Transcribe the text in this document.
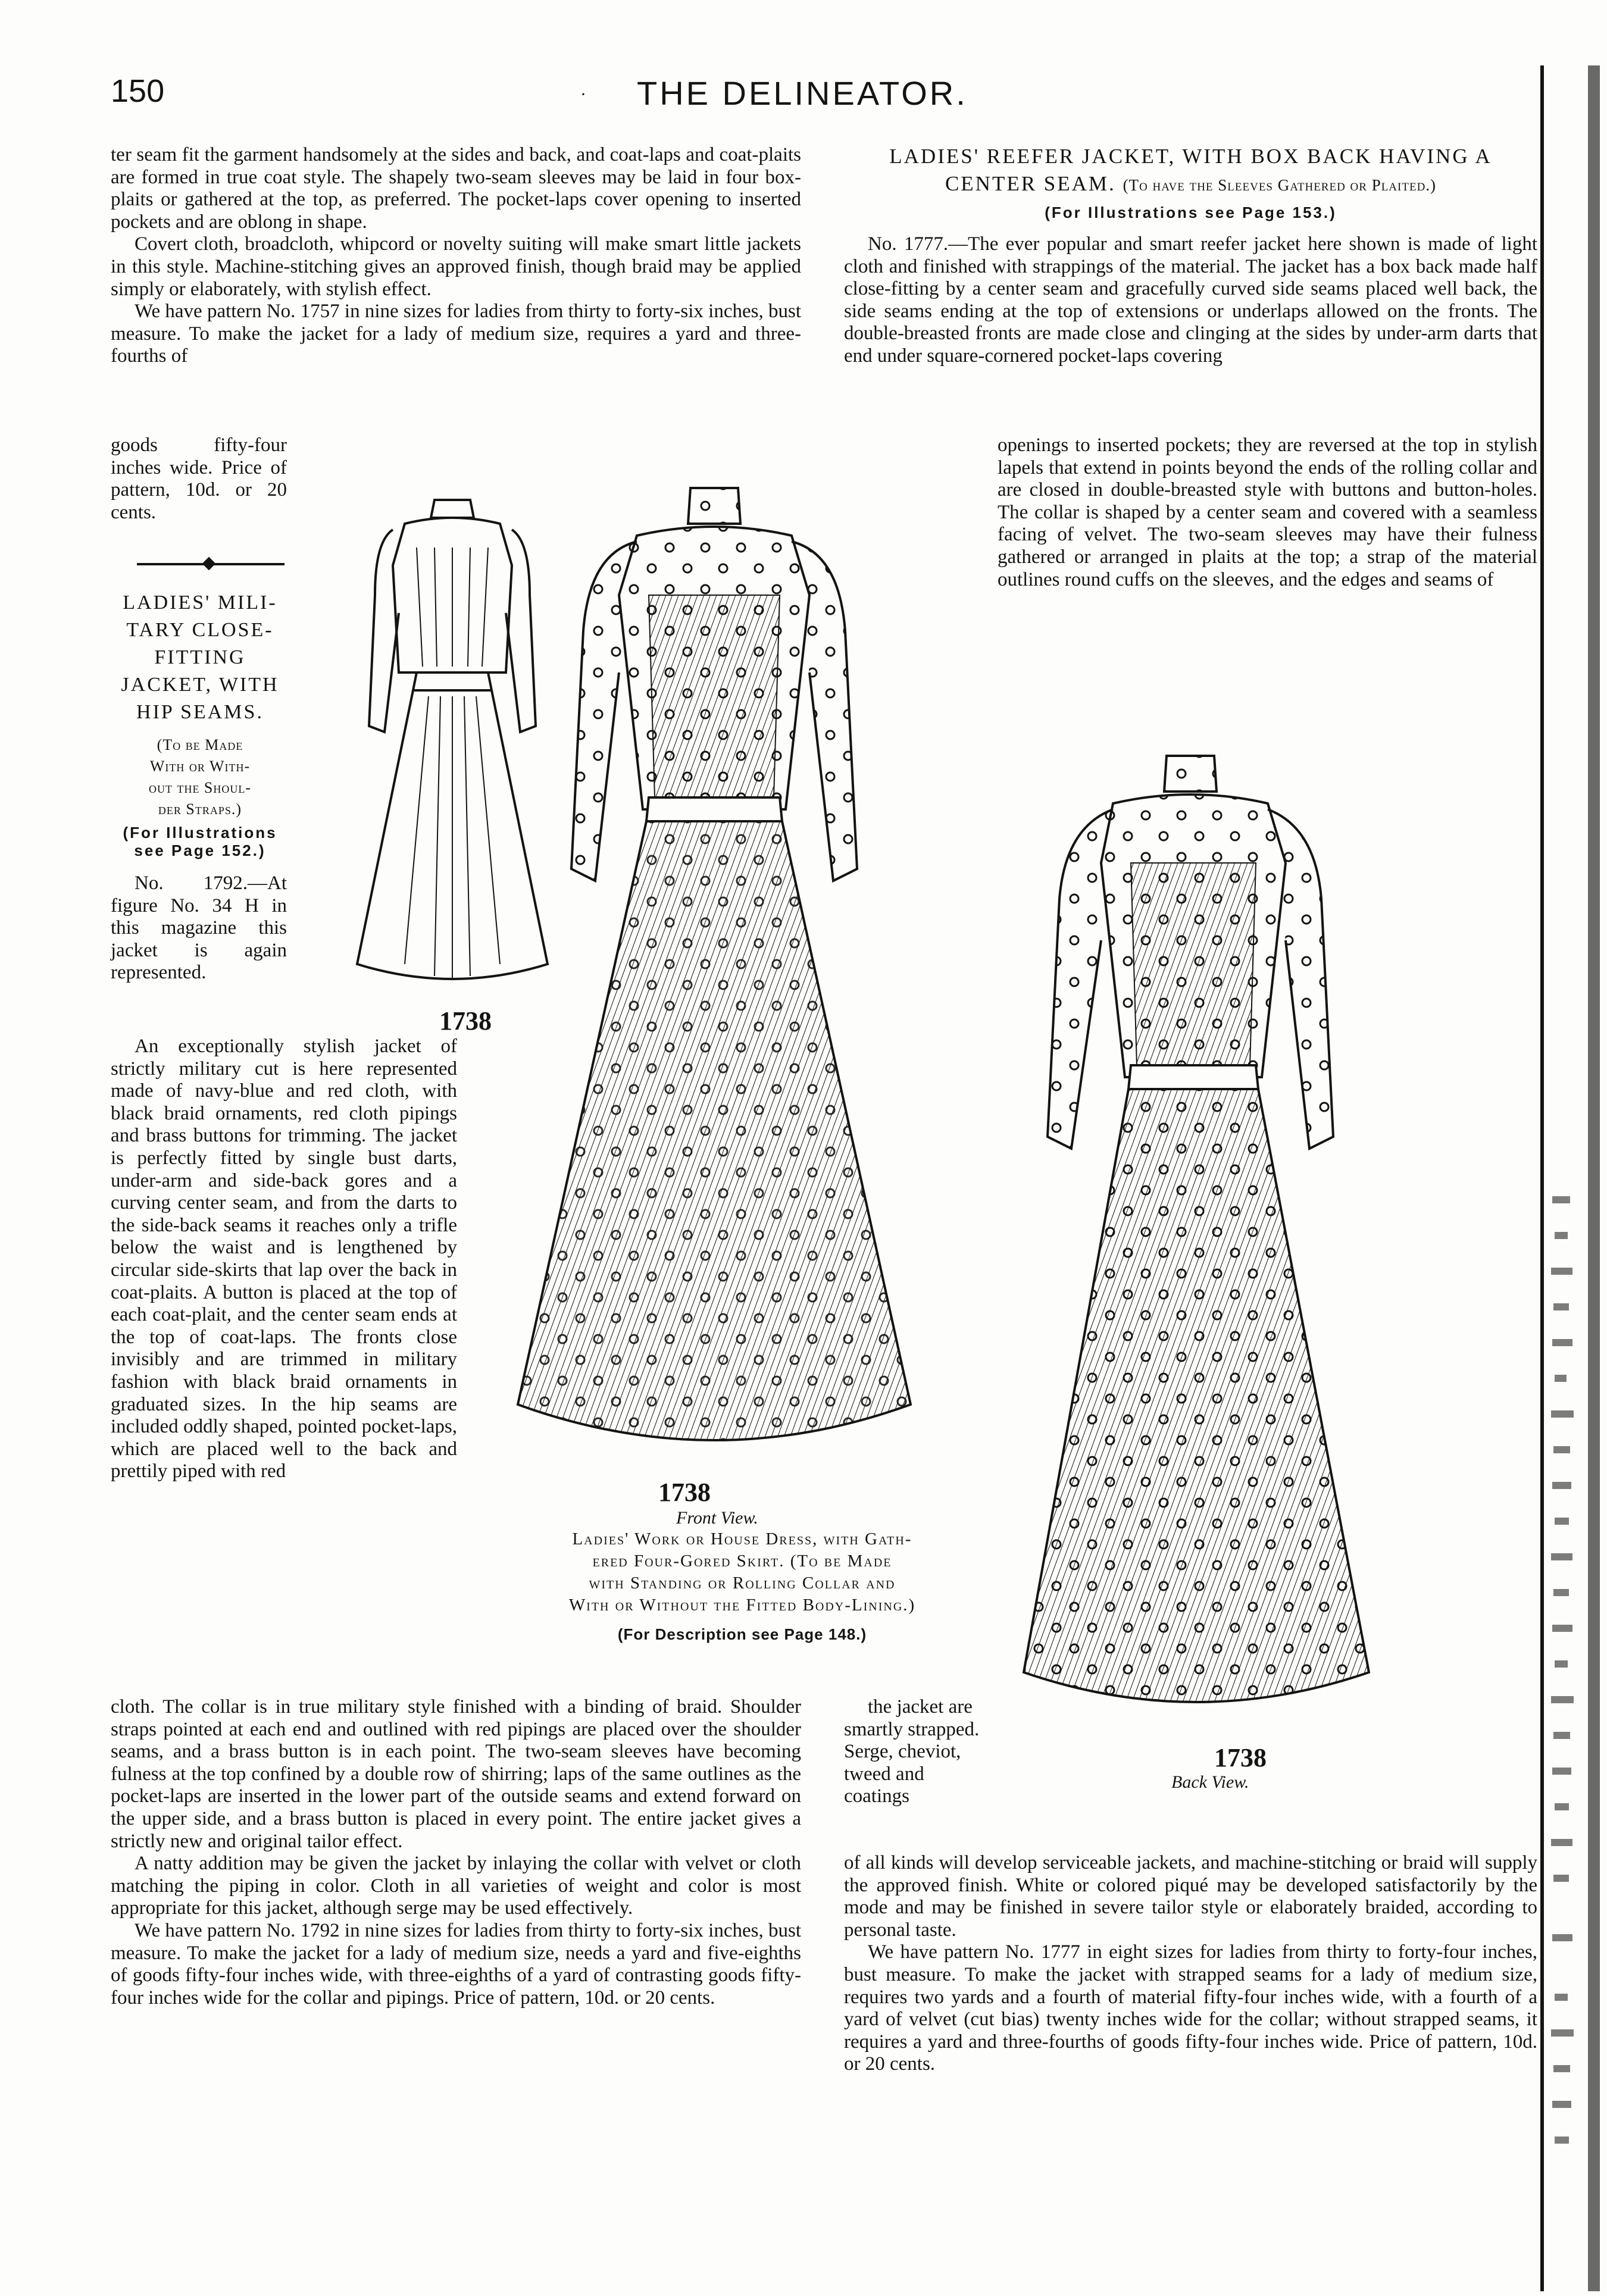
150	· THE DELINEATOR.

ter seam fit the garment handsomely at the sides and back, and coat-laps and coat-plaits are formed in true coat style. The shapely two-seam sleeves may be laid in four box-plaits or gathered at the top, as preferred. The pocket-laps cover opening to inserted pockets and are oblong in shape.

Covert cloth, broadcloth, whipcord or novelty suiting will make smart little jackets in this style. Machine-stitching gives an approved finish, though braid may be applied simply or elaborately, with stylish effect.

We have pattern No. 1757 in nine sizes for ladies from thirty to forty-six inches, bust measure. To make the jacket for a lady of medium size, requires a yard and three-fourths of

goods fifty-four inches wide. Price of pattern, 10d. or 20 cents.

LADIES' MILI-
TARY CLOSE-
FITTING
JACKET, WITH
HIP SEAMS.
(To be Made
With or With-
out the Shoul-
der Straps.)
(For Illustrations
see Page 152.)

No. 1792.—At figure No. 34 H in this magazine this jacket is again represented.

An exceptionally stylish jacket of strictly military cut is here represented made of navy-blue and red cloth, with black braid ornaments, red cloth pipings and brass buttons for trimming. The jacket is perfectly fitted by single bust darts, under-arm and side-back gores and a curving center seam, and from the darts to the side-back seams it reaches only a trifle below the waist and is lengthened by circular side-skirts that lap over the back in coat-plaits. A button is placed at the top of each coat-plait, and the center seam ends at the top of coat-laps. The fronts close invisibly and are trimmed in military fashion with black braid ornaments in graduated sizes. In the hip seams are included oddly shaped, pointed pocket-laps, which are placed well to the back and prettily piped with red

cloth. The collar is in true military style finished with a binding of braid. Shoulder straps pointed at each end and outlined with red pipings are placed over the shoulder seams, and a brass button is in each point. The two-seam sleeves have becoming fulness at the top confined by a double row of shirring; laps of the same outlines as the pocket-laps are inserted in the lower part of the outside seams and extend forward on the upper side, and a brass button is placed in every point. The entire jacket gives a strictly new and original tailor effect.

A natty addition may be given the jacket by inlaying the collar with velvet or cloth matching the piping in color. Cloth in all varieties of weight and color is most appropriate for this jacket, although serge may be used effectively.

We have pattern No. 1792 in nine sizes for ladies from thirty to forty-six inches, bust measure. To make the jacket for a lady of medium size, needs a yard and five-eighths of goods fifty-four inches wide, with three-eighths of a yard of contrasting goods fifty-four inches wide for the collar and pipings. Price of pattern, 10d. or 20 cents.

LADIES' REEFER JACKET, WITH BOX BACK HAVING A
CENTER SEAM. (To have the Sleeves Gathered or Plaited.)
(For Illustrations see Page 153.)

No. 1777.—The ever popular and smart reefer jacket here shown is made of light cloth and finished with strappings of the material. The jacket has a box back made half close-fitting by a center seam and gracefully curved side seams placed well back, the side seams ending at the top of extensions or underlaps allowed on the fronts. The double-breasted fronts are made close and clinging at the sides by under-arm darts that end under square-cornered pocket-laps covering

openings to inserted pockets; they are reversed at the top in stylish lapels that extend in points beyond the ends of the rolling collar and are closed in double-breasted style with buttons and button-holes. The collar is shaped by a center seam and covered with a seamless facing of velvet. The two-seam sleeves may have their fulness gathered or arranged in plaits at the top; a strap of the material outlines round cuffs on the sleeves, and the edges and seams of

the jacket are smartly strapped. Serge, cheviot, tweed and coatings

of all kinds will develop serviceable jackets, and machine-stitching or braid will supply the approved finish. White or colored piqué may be developed satisfactorily by the mode and may be finished in severe tailor style or elaborately braided, according to personal taste.

We have pattern No. 1777 in eight sizes for ladies from thirty to forty-four inches, bust measure. To make the jacket with strapped seams for a lady of medium size, requires two yards and a fourth of material fifty-four inches wide, with a fourth of a yard of velvet (cut bias) twenty inches wide for the collar; without strapped seams, it requires a yard and three-fourths of goods fifty-four inches wide. Price of pattern, 10d. or 20 cents.

1738
1738
Front View.
1738
Back View.
Ladies' Work or House Dress, with Gath-
ered Four-Gored Skirt. (To be Made
with Standing or Rolling Collar and
With or Without the Fitted Body-Lining.)
(For Description see Page 148.)
